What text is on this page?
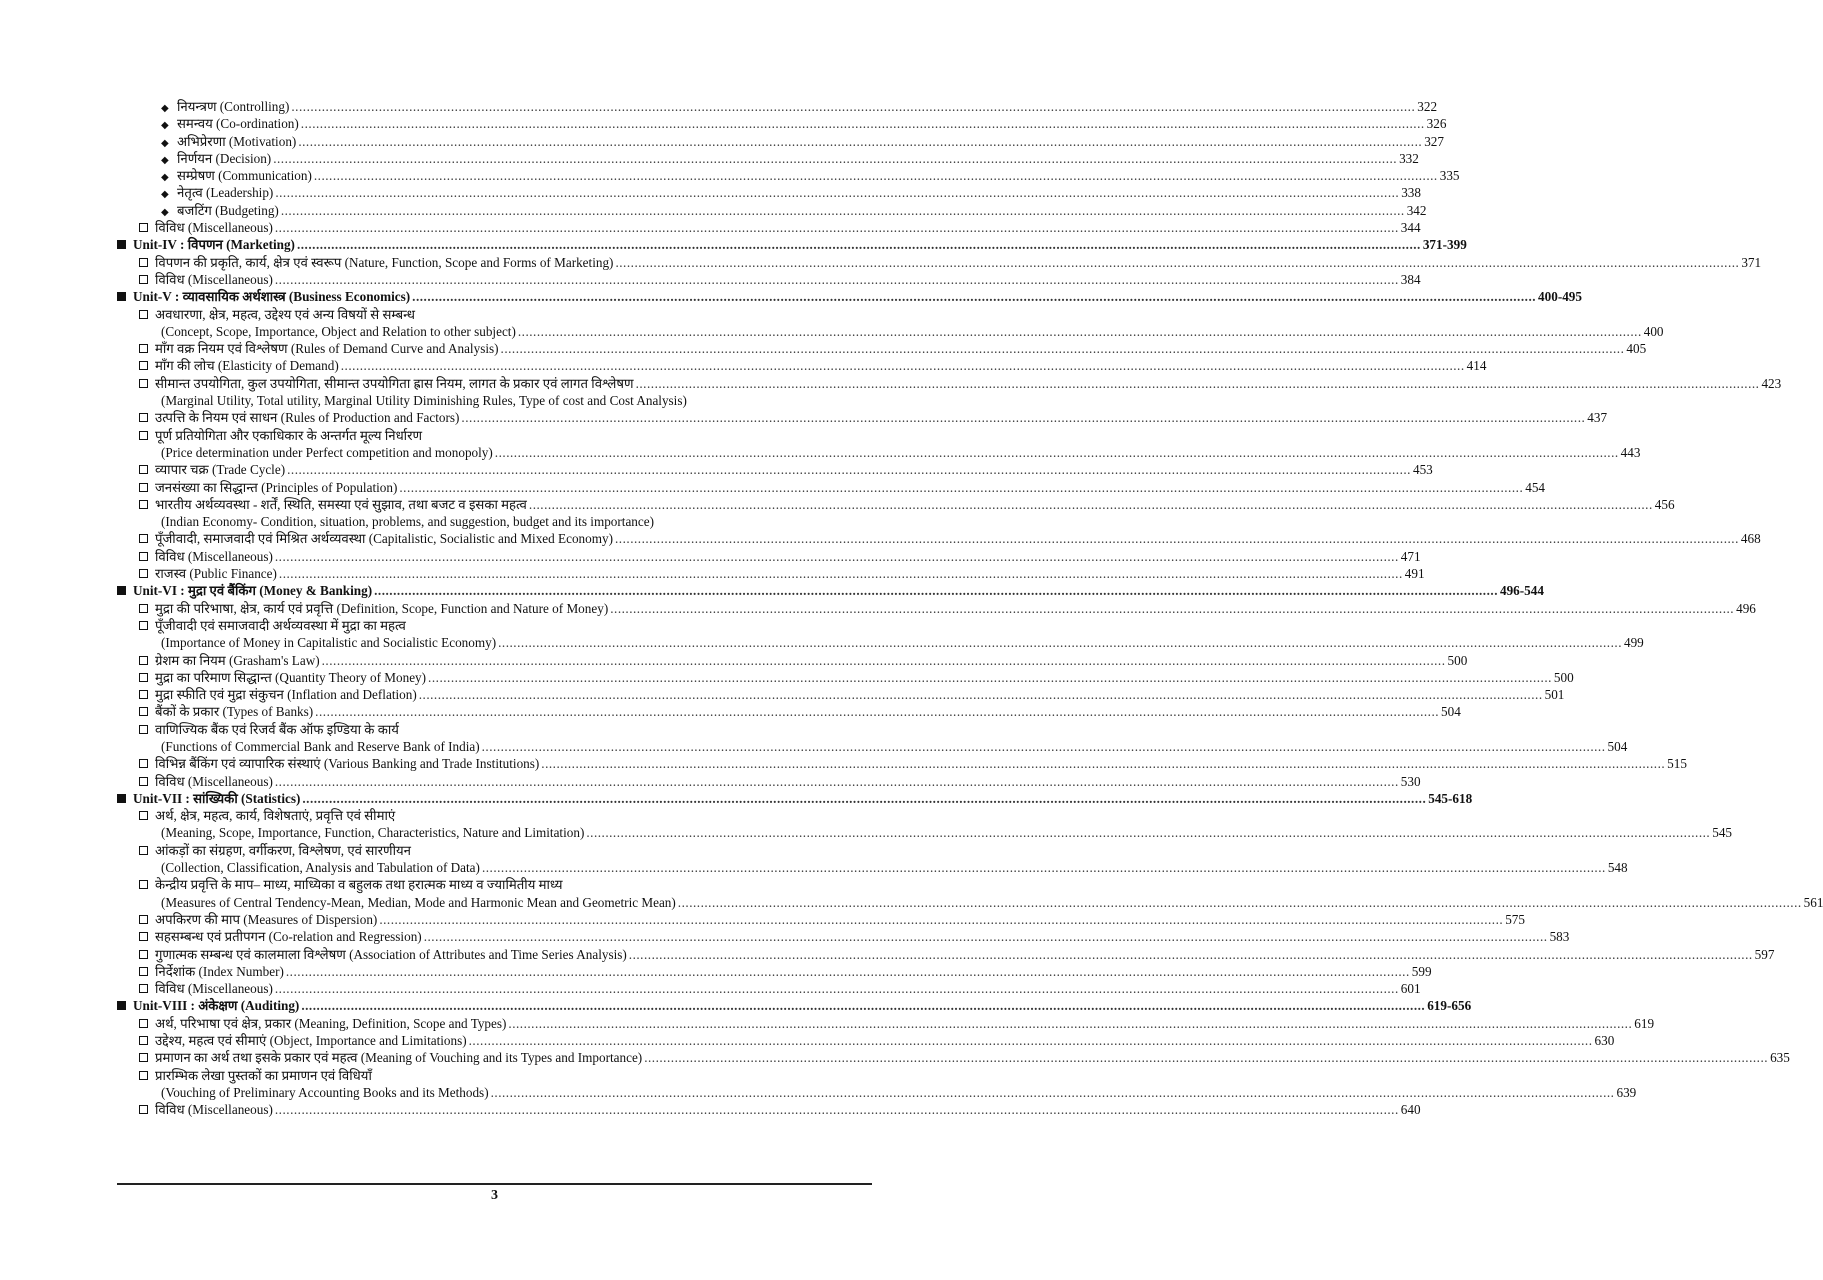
◆ नियन्त्रण (Controlling) .....	322
◆ समन्वय (Co-ordination) .....	326
◆ अभिप्रेरणा (Motivation) .....	327
◆ निर्णयन (Decision) .....	332
◆ सम्प्रेषण (Communication) .....	335
◆ नेतृत्व (Leadership) .....	338
◆ बजटिंग (Budgeting) .....	342
विविध (Miscellaneous) .....	344
Unit-IV : विपणन (Marketing) .....	371-399
विपणन की प्रकृति, कार्य, क्षेत्र एवं स्वरूप (Nature, Function, Scope and Forms of Marketing) .....	371
विविध (Miscellaneous) .....	384
Unit-V : व्यावसायिक अर्थशास्त्र (Business Economics) .....	400-495
अवधारणा, क्षेत्र, महत्व, उद्देश्य एवं अन्य विषयों से सम्बन्ध
(Concept, Scope, Importance, Object and Relation to other subject) .....	400
माँग वक्र नियम एवं विश्लेषण (Rules of Demand Curve and Analysis) .....	405
माँग की लोच (Elasticity of Demand) .....	414
सीमान्त उपयोगिता, कुल उपयोगिता, सीमान्त उपयोगिता ह्रास नियम, लागत के प्रकार एवं लागत विश्लेषण .....	423
(Marginal Utility, Total utility, Marginal Utility Diminishing Rules, Type of cost and Cost Analysis)
उत्पत्ति के नियम एवं साधन (Rules of Production and Factors) .....	437
पूर्ण प्रतियोगिता और एकाधिकार के अन्तर्गत मूल्य निर्धारण
(Price determination under Perfect competition and monopoly) .....	443
व्यापार चक्र (Trade Cycle) .....	453
जनसंख्या का सिद्धान्त (Principles of Population) .....	454
भारतीय अर्थव्यवस्था - शर्तें, स्थिति, समस्या एवं सुझाव, तथा बजट व इसका महत्व .....	456
(Indian Economy- Condition, situation, problems, and suggestion, budget and its importance)
पूँजीवादी, समाजवादी एवं मिश्रित अर्थव्यवस्था (Capitalistic, Socialistic and Mixed Economy) .....	468
विविध (Miscellaneous) .....	471
राजस्व (Public Finance) .....	491
Unit-VI : मुद्रा एवं बैंकिंग (Money & Banking) .....	496-544
मुद्रा की परिभाषा, क्षेत्र, कार्य एवं प्रवृत्ति (Definition, Scope, Function and Nature of Money) .....	496
पूँजीवादी एवं समाजवादी अर्थव्यवस्था में मुद्रा का महत्व
(Importance of Money in Capitalistic and Socialistic Economy) .....	499
ग्रेशम का नियम (Grasham's Law) .....	500
मुद्रा का परिमाण सिद्धान्त (Quantity Theory of Money) .....	500
मुद्रा स्फीति एवं मुद्रा संकुचन (Inflation and Deflation) .....	501
बैंकों के प्रकार (Types of Banks) .....	504
वाणिज्यिक बैंक एवं रिजर्व बैंक ऑफ इण्डिया के कार्य
(Functions of Commercial Bank and Reserve Bank of India) .....	504
विभिन्न बैंकिंग एवं व्यापारिक संस्थाएं (Various Banking and Trade Institutions) .....	515
विविध (Miscellaneous) .....	530
Unit-VII : सांख्यिकी (Statistics) .....	545-618
अर्थ, क्षेत्र, महत्व, कार्य, विशेषताएं, प्रवृत्ति एवं सीमाएं
(Meaning, Scope, Importance, Function, Characteristics, Nature and Limitation) .....	545
आंकड़ों का संग्रहण, वर्गीकरण, विश्लेषण, एवं सारणीयन
(Collection, Classification, Analysis and Tabulation of Data) .....	548
केन्द्रीय प्रवृत्ति के माप– माध्य, माध्यिका व बहुलक तथा हरात्मक माध्य व ज्यामितीय माध्य
(Measures of Central Tendency-Mean, Median, Mode and Harmonic Mean and Geometric Mean) .....	561
अपकिरण की माप (Measures of Dispersion) .....	575
सहसम्बन्ध एवं प्रतीपगन (Co-relation and Regression) .....	583
गुणात्मक सम्बन्ध एवं कालमाला विश्लेषण (Association of Attributes and Time Series Analysis) .....	597
निर्देशांक (Index Number) .....	599
विविध (Miscellaneous) .....	601
Unit-VIII : अंकेक्षण (Auditing) .....	619-656
अर्थ, परिभाषा एवं क्षेत्र, प्रकार (Meaning, Definition, Scope and Types) .....	619
उद्देश्य, महत्व एवं सीमाएं (Object, Importance and Limitations) .....	630
प्रमाणन का अर्थ तथा इसके प्रकार एवं महत्व (Meaning of Vouching and its Types and Importance) .....	635
प्रारम्भिक लेखा पुस्तकों का प्रमाणन एवं विधियाँ
(Vouching of Preliminary Accounting Books and its Methods) .....	639
विविध (Miscellaneous) .....	640
3
